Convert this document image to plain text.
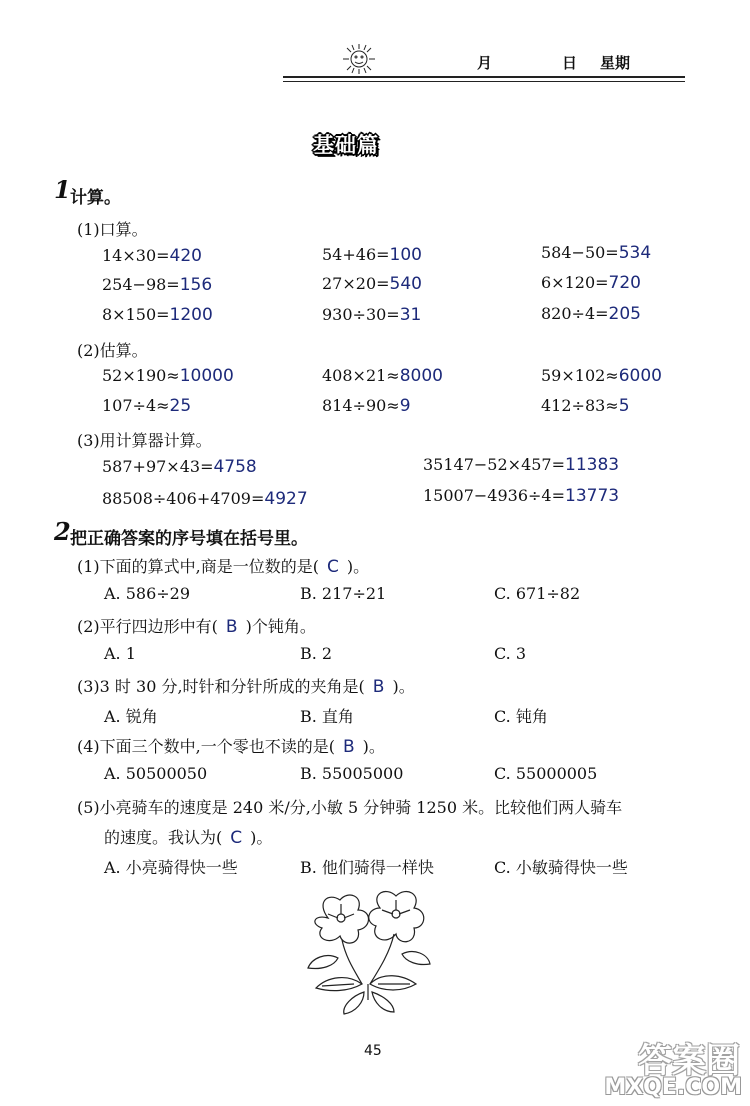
月	日 星期
基础篇
1 计算。
(1)口算。
14×30=420	54+46=100	584−50=534
254−98=156	27×20=540	6×120=720
8×150=1200	930÷30=31	820÷4=205
(2)估算。
52×190≈10000	408×21≈8000	59×102≈6000
107÷4≈25	814÷90≈9	412÷83≈5
(3)用计算器计算。
587+97×43=4758	35147−52×457=11383
88508÷406+4709=4927	15007−4936÷4=13773
2 把正确答案的序号填在括号里。
(1)下面的算式中,商是一位数的是( C )。
A. 586÷29	B. 217÷21	C. 671÷82
(2)平行四边形中有( B )个钝角。
A. 1	B. 2	C. 3
(3)3 时 30 分,时针和分针所成的夹角是( B )。
A. 锐角	B. 直角	C. 钝角
(4)下面三个数中,一个零也不读的是( B )。
A. 50500050	B. 55005000	C. 55000005
(5)小亮骑车的速度是 240 米/分,小敏 5 分钟骑 1250 米。比较他们两人骑车
的速度。我认为( C )。
A. 小亮骑得快一些	B. 他们骑得一样快	C. 小敏骑得快一些
45	答案圈
MXQE.COM
